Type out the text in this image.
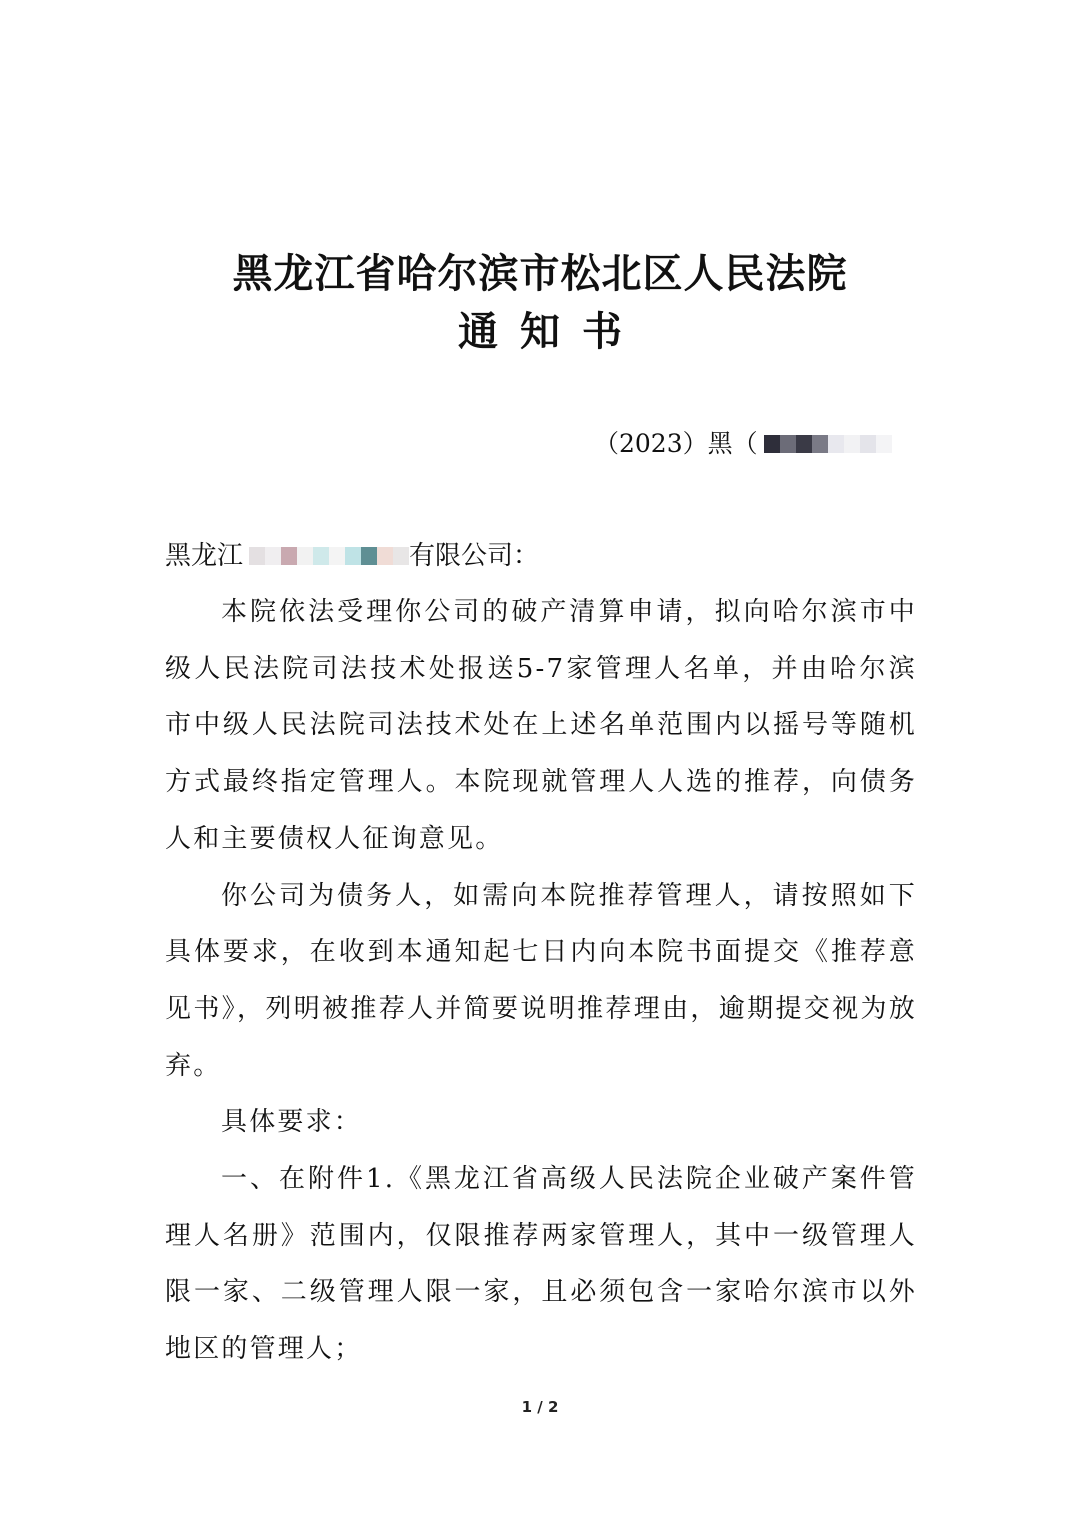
黑龙江省哈尔滨市松北区人民法院
通知书
（2023）黑（
黑龙江	有限公司：

本院依法受理你公司的破产清算申请，拟向哈尔滨市中级人民法院司法技术处报送5-7家管理人名单，并由哈尔滨市中级人民法院司法技术处在上述名单范围内以摇号等随机方式最终指定管理人。本院现就管理人人选的推荐，向债务人和主要债权人征询意见。

你公司为债务人，如需向本院推荐管理人，请按照如下具体要求，在收到本通知起七日内向本院书面提交《推荐意见书》，列明被推荐人并简要说明推荐理由，逾期提交视为放弃。

具体要求：

一、在附件1.《黑龙江省高级人民法院企业破产案件管理人名册》范围内，仅限推荐两家管理人，其中一级管理人限一家、二级管理人限一家，且必须包含一家哈尔滨市以外地区的管理人；

1 / 2
